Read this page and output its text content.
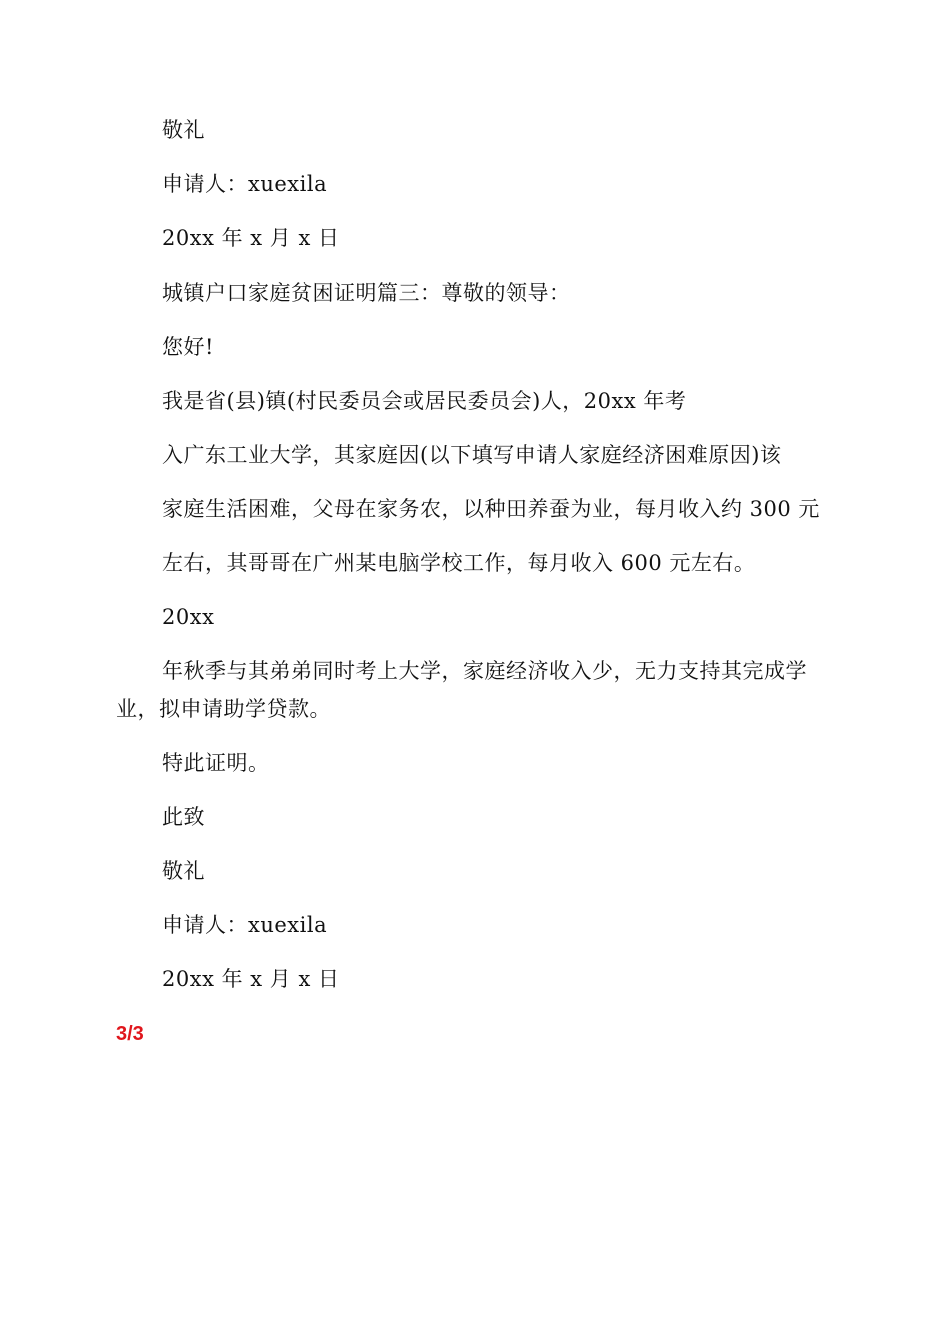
敬礼
申请人：xuexila
20xx 年 x 月 x 日
城镇户口家庭贫困证明篇三：尊敬的领导：
您好!
我是省(县)镇(村民委员会或居民委员会)人，20xx 年考
入广东工业大学，其家庭因(以下填写申请人家庭经济困难原因)该
家庭生活困难，父母在家务农，以种田养蚕为业，每月收入约 300 元
左右，其哥哥在广州某电脑学校工作，每月收入 600 元左右。
20xx
年秋季与其弟弟同时考上大学，家庭经济收入少，无力支持其完成学业，拟申请助学贷款。
特此证明。
此致
敬礼
申请人：xuexila
20xx 年 x 月 x 日
3/3
